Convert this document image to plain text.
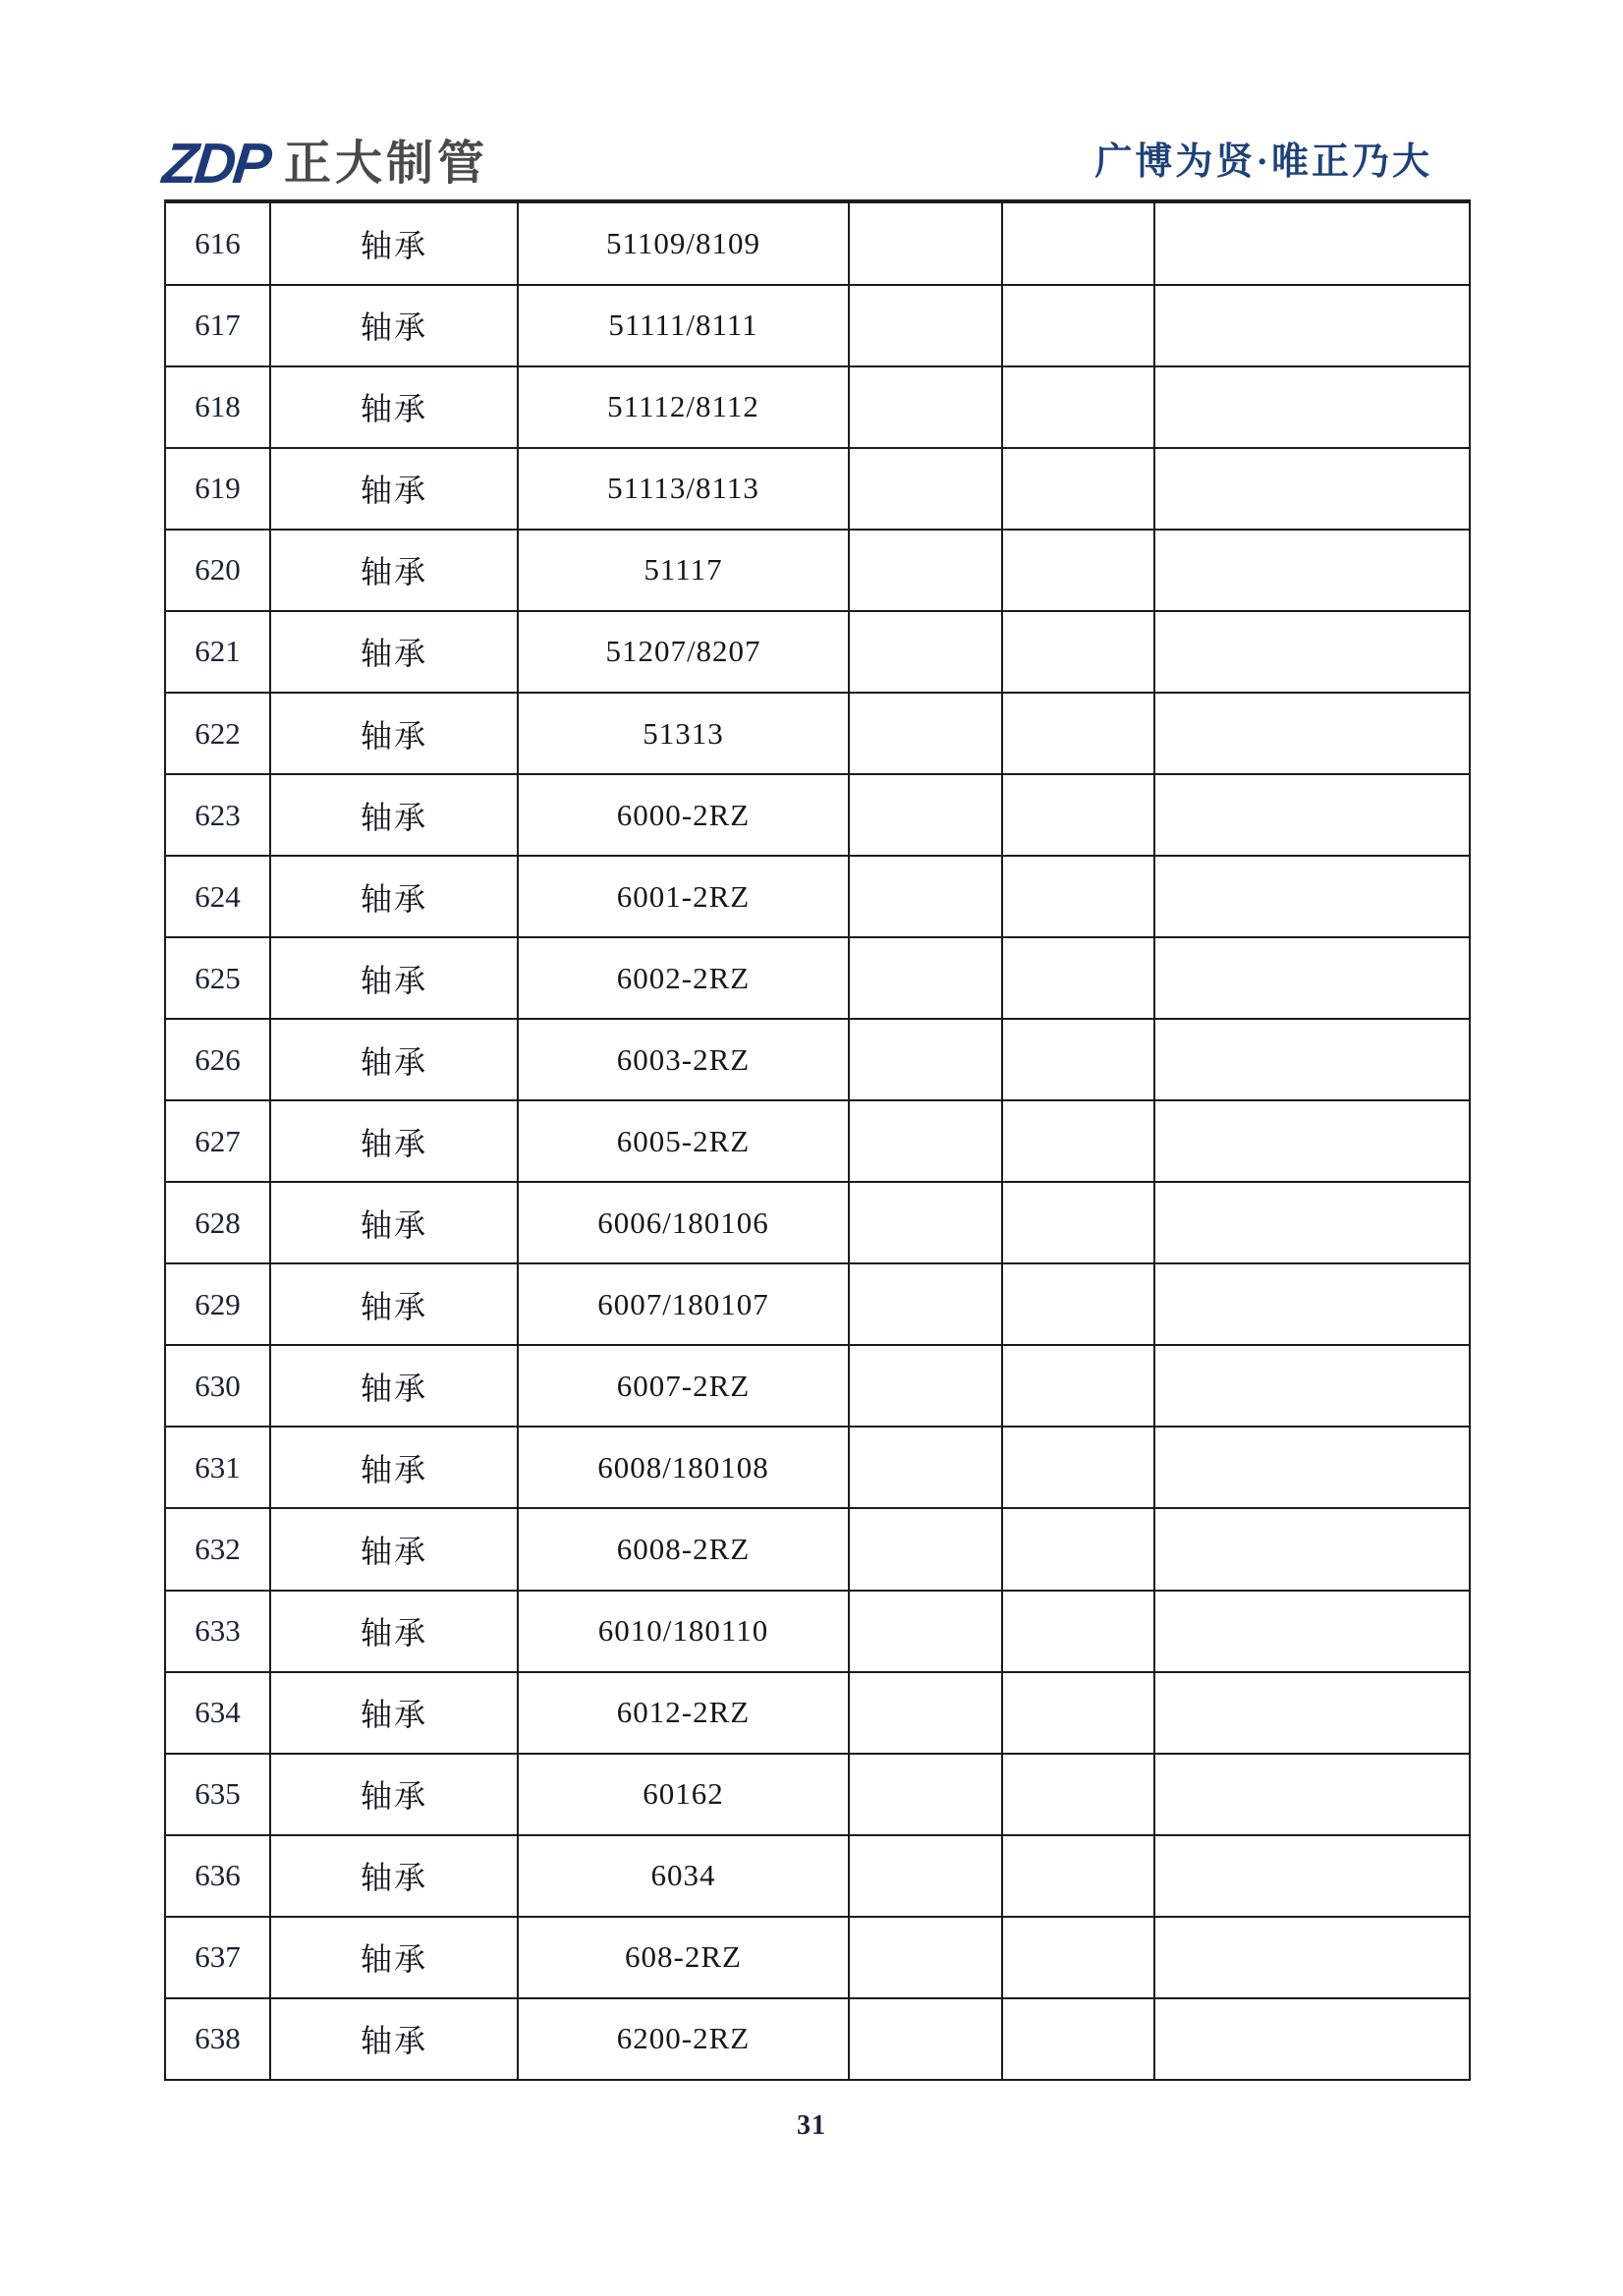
ZDP 正大制管	广博为贤·唯正乃大
616	轴承	51109/8109			
617	轴承	51111/8111			
618	轴承	51112/8112			
619	轴承	51113/8113			
620	轴承	51117			
621	轴承	51207/8207			
622	轴承	51313			
623	轴承	6000-2RZ			
624	轴承	6001-2RZ			
625	轴承	6002-2RZ			
626	轴承	6003-2RZ			
627	轴承	6005-2RZ			
628	轴承	6006/180106			
629	轴承	6007/180107			
630	轴承	6007-2RZ			
631	轴承	6008/180108			
632	轴承	6008-2RZ			
633	轴承	6010/180110			
634	轴承	6012-2RZ			
635	轴承	60162			
636	轴承	6034			
637	轴承	608-2RZ			
638	轴承	6200-2RZ			
31
